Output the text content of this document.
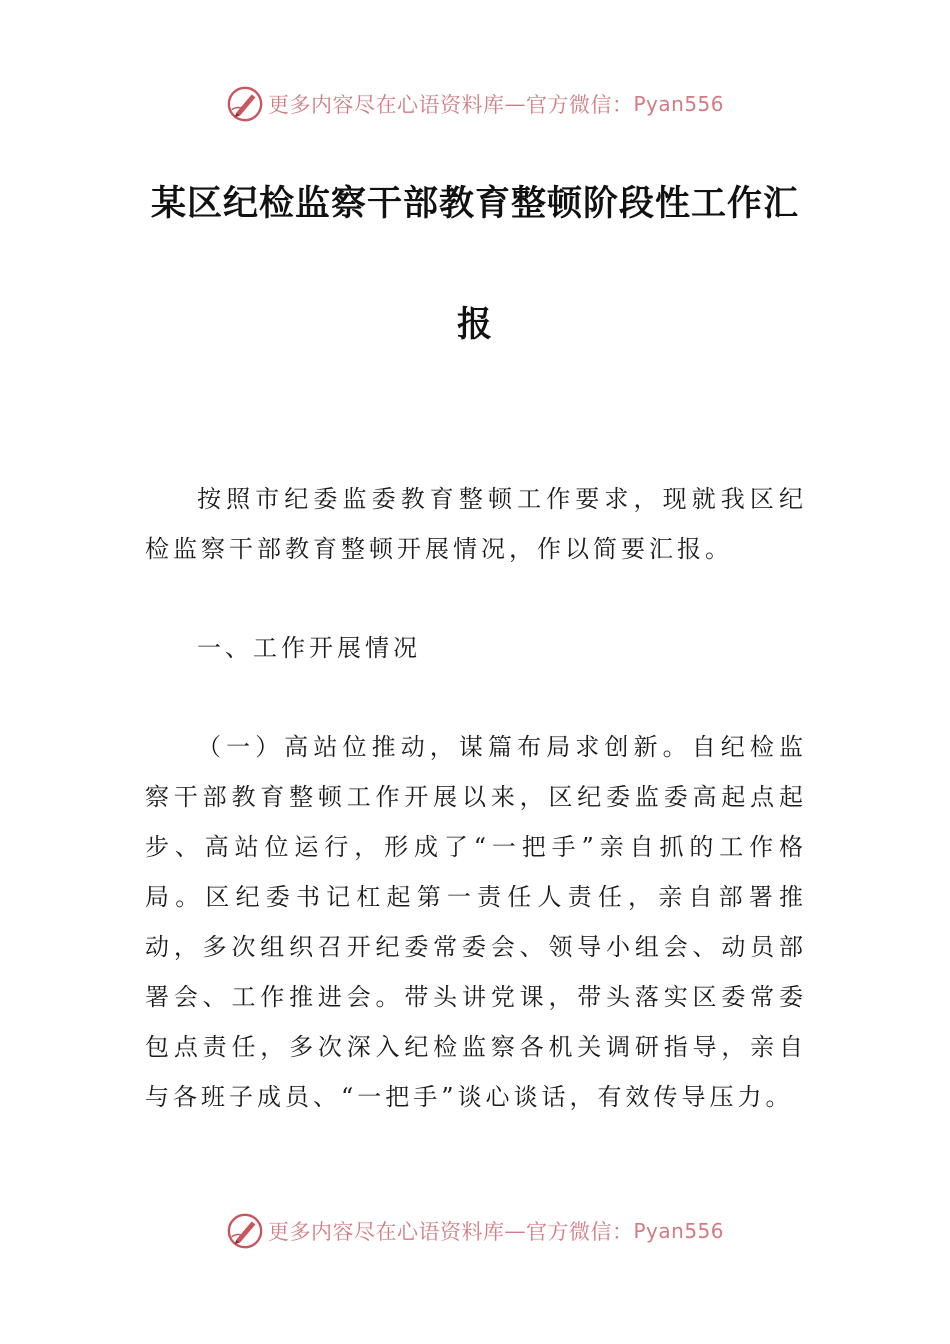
更多内容尽在心语资料库 — 官方微信： Pyan556
某区纪检监察干部教育整顿阶段性工作汇
报

按照市纪委监委教育整顿工作要求，现就我区纪检监察干部教育整顿开展情况，作以简要汇报。

一、工作开展情况

（一）高站位推动，谋篇布局求创新。自纪检监察干部教育整顿工作开展以来，区纪委监委高起点起步、高站位运行，形成了“一把手”亲自抓的工作格局。区纪委书记杠起第一责任人责任，亲自部署推动，多次组织召开纪委常委会、领导小组会、动员部署会、工作推进会。带头讲党课，带头落实区委常委包点责任，多次深入纪检监察各机关调研指导，亲自与各班子成员、“一把手”谈心谈话，有效传导压力。

更多内容尽在心语资料库 — 官方微信： Pyan556
